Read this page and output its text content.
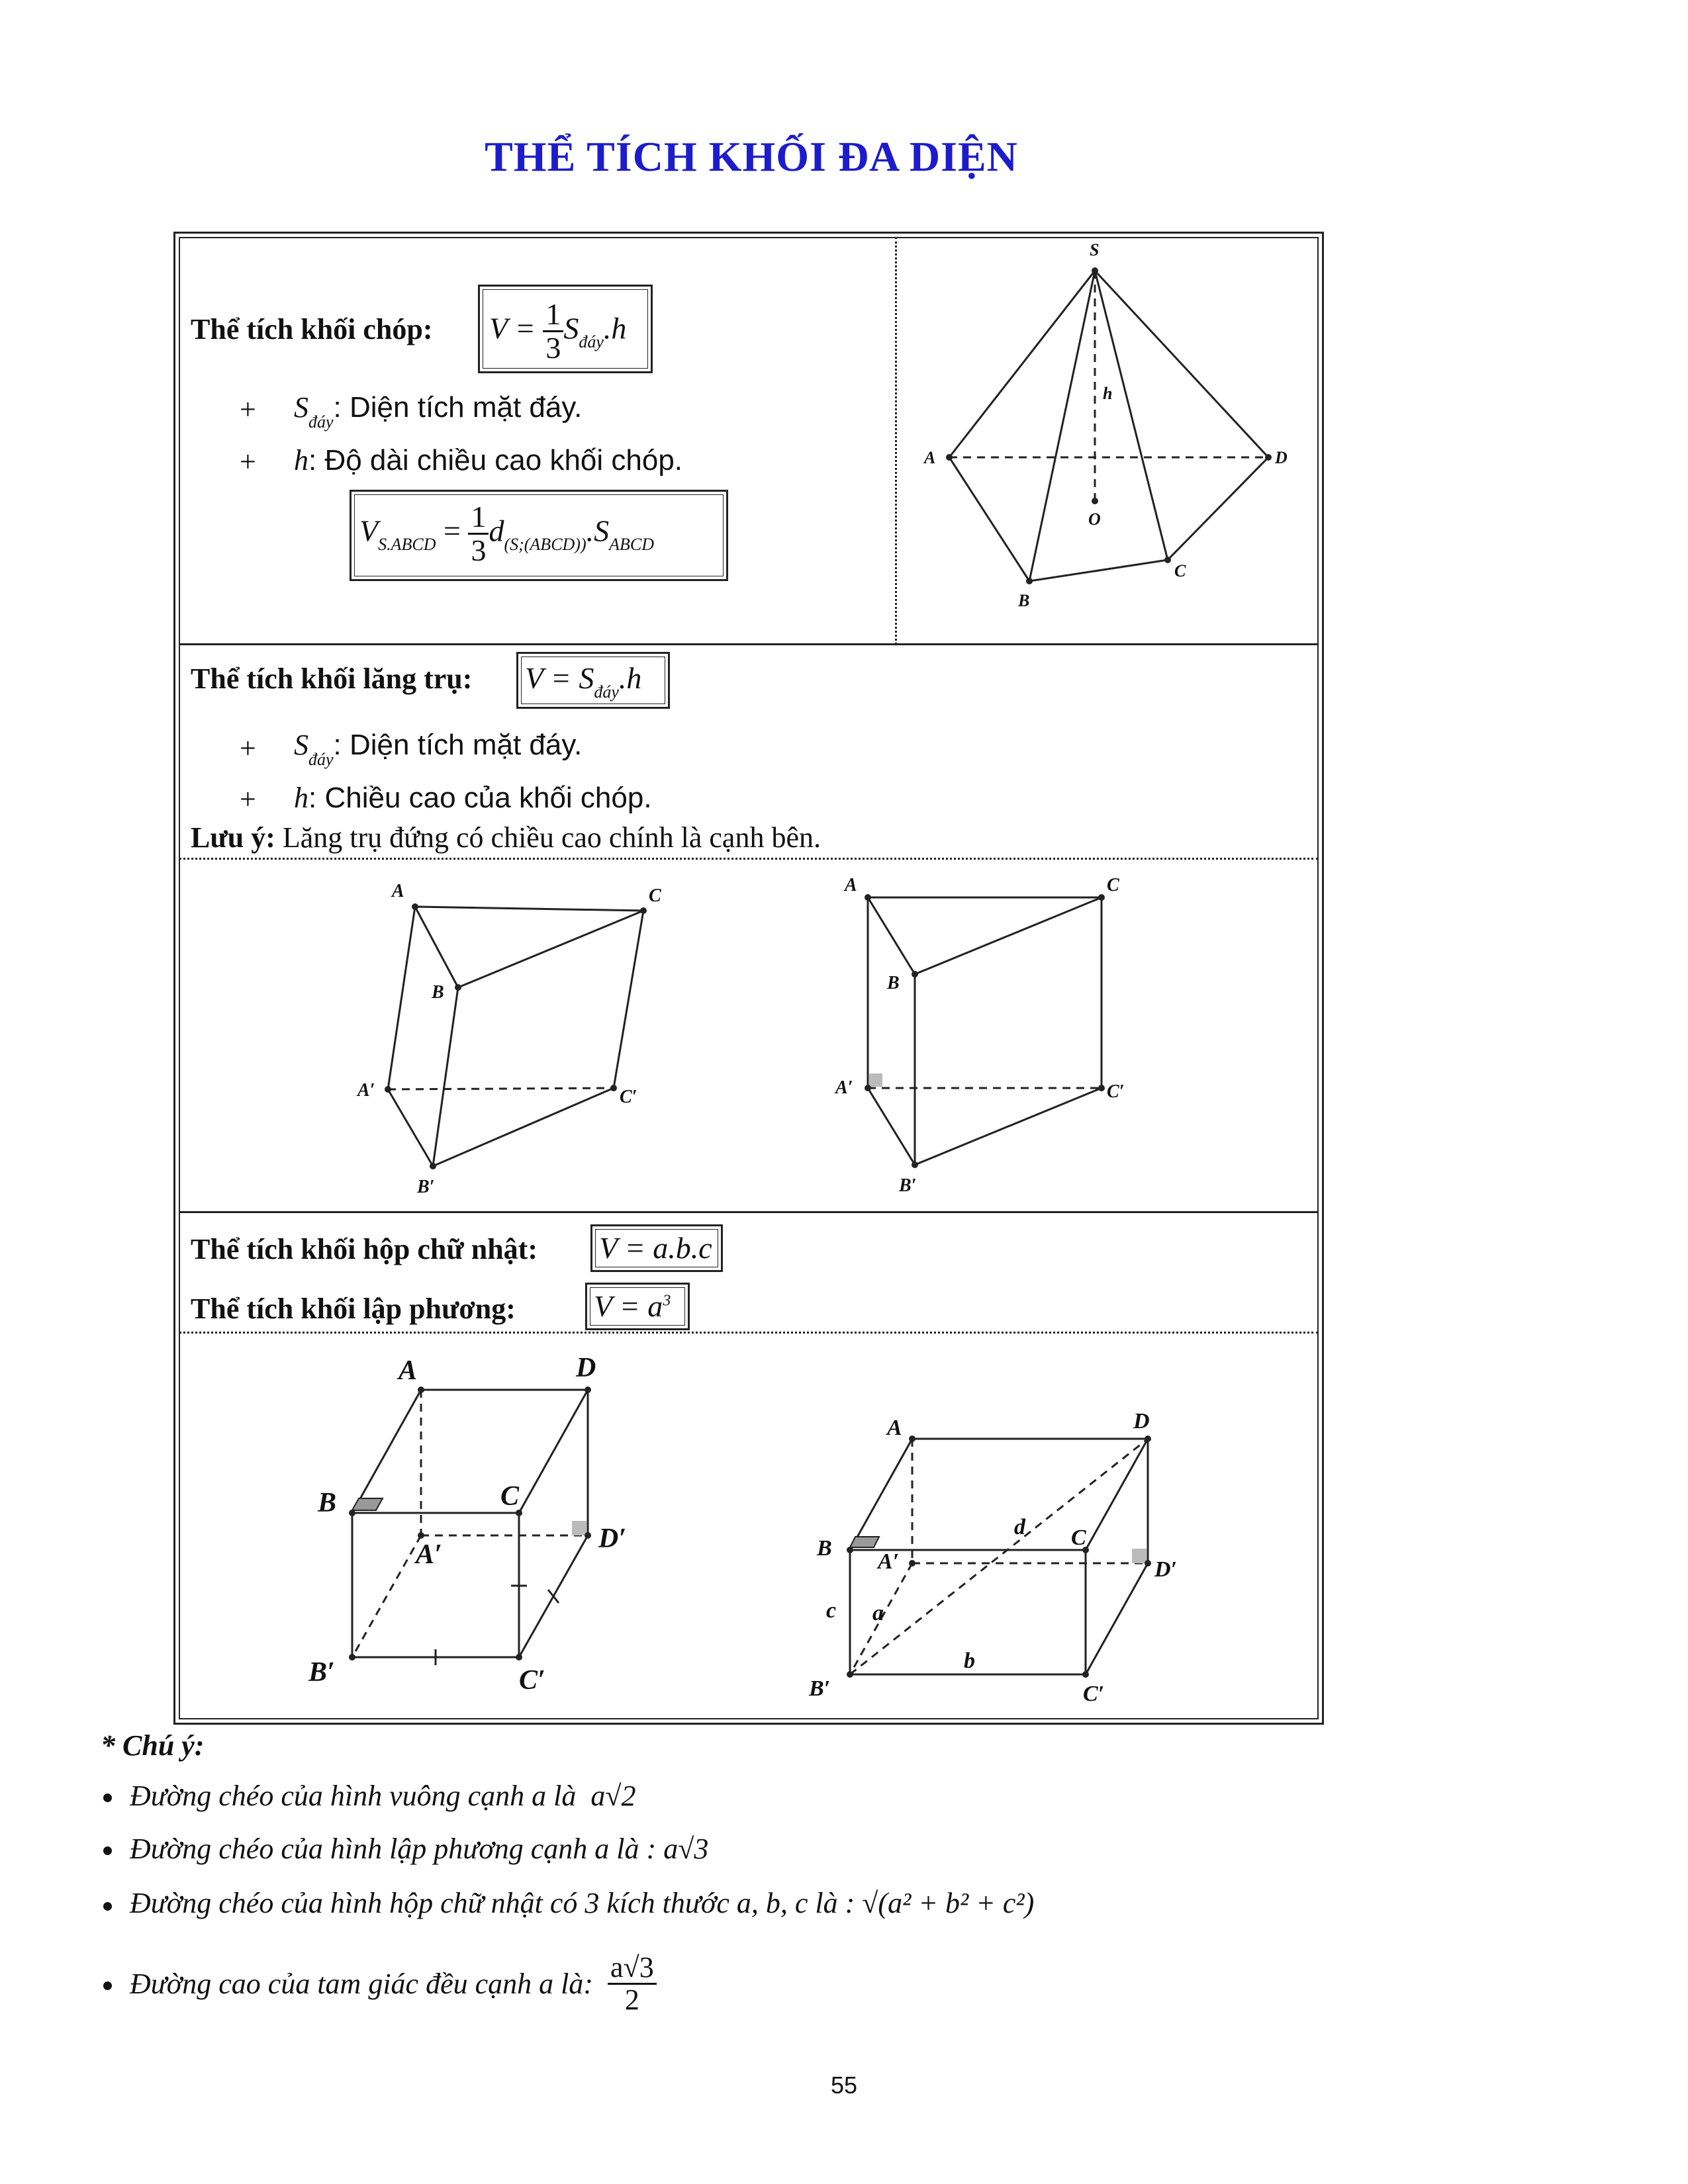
THỂ TÍCH KHỐI ĐA DIỆN
Thể tích khối chóp: $V = \frac{1}{3} S_{đáy}.h$
+ $S_{đáy}$: Diện tích mặt đáy.
+ h: Độ dài chiều cao khối chóp.
$V_{S.ABCD} = \frac{1}{3} d_{(S;(ABCD))}.S_{ABCD}$
S
h
A	D
O
B
C
Thể tích khối lăng trụ: $V = S_{đáy}.h$
+ $S_{đáy}$: Diện tích mặt đáy.
+ h: Chiều cao của khối chóp.
Lưu ý: Lăng trụ đứng có chiều cao chính là cạnh bên.
A	C
B
A′	C′
B′
A	C
B
A′	C′
B′
Thể tích khối hộp chữ nhật: V = a.b.c
Thể tích khối lập phương:	$V = a^3$
A	D
B	C
A′
D′
B′	C′
A	D
B	C
A′	D′
B′	C′
c a
b
d
* Chú ý:
Đường chéo của hình vuông cạnh a là a√2
Đường chéo của hình lập phương cạnh a là : a√3
Đường chéo của hình hộp chữ nhật có 3 kích thước a, b, c là : √(a² + b² + c²)
Đường cao của tam giác đều cạnh a là: $\frac{a√3}{2}$
55
